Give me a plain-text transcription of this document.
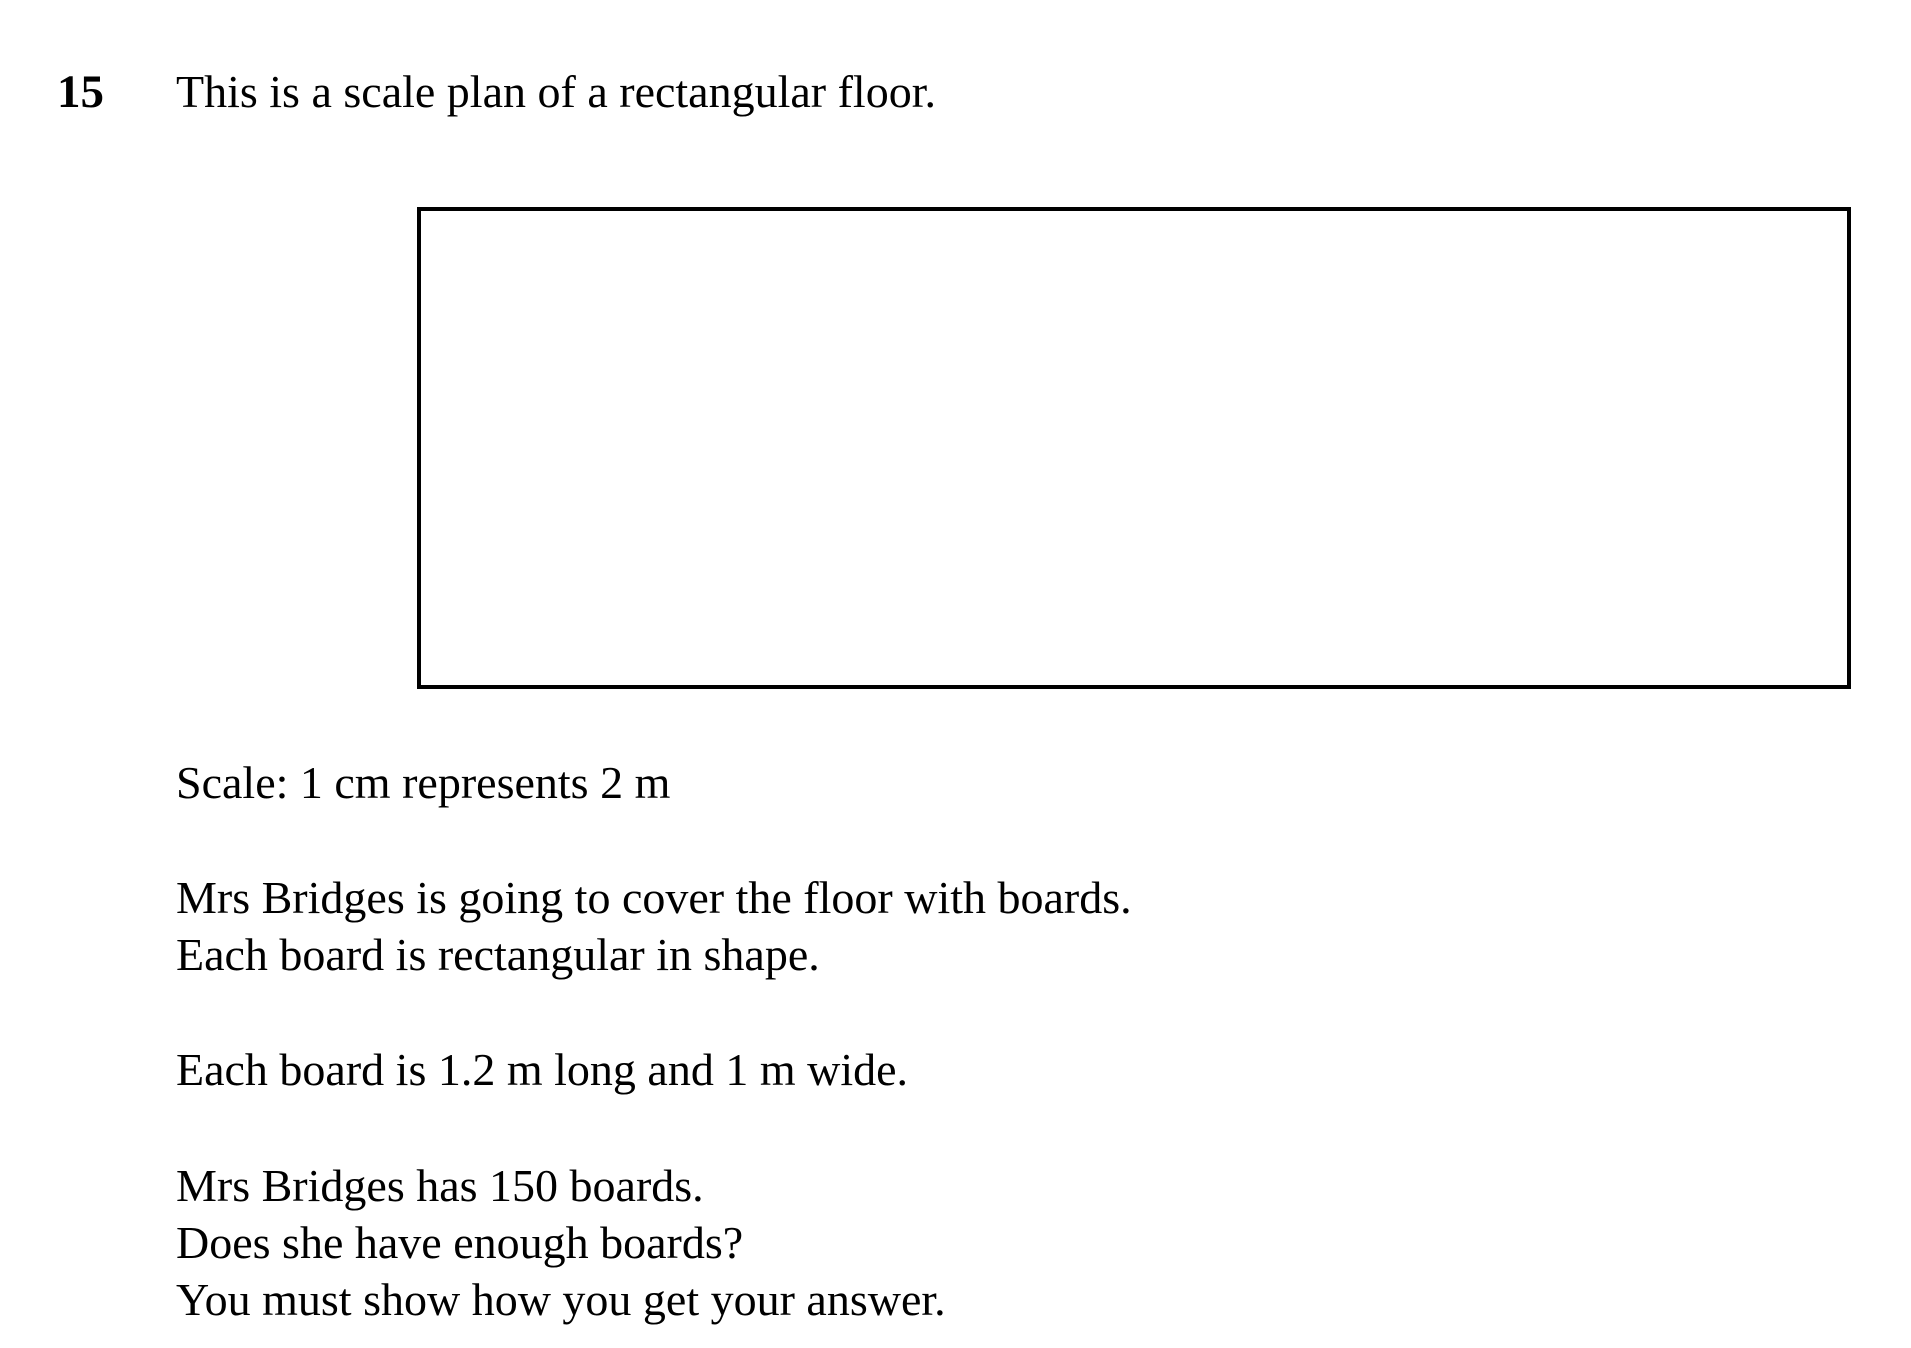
15 This is a scale plan of a rectangular floor.
Scale: 1 cm represents 2 m
Mrs Bridges is going to cover the floor with boards.
Each board is rectangular in shape.
Each board is 1.2 m long and 1 m wide.
Mrs Bridges has 150 boards.
Does she have enough boards?
You must show how you get your answer.
